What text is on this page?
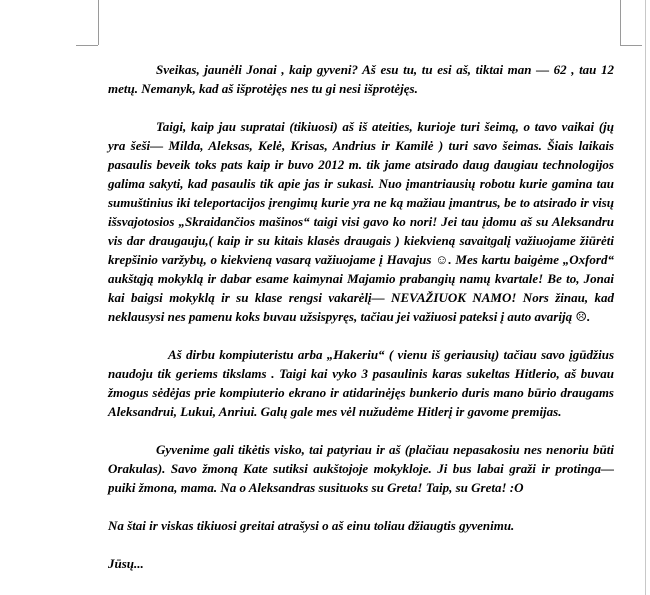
Sveikas, jaunėli Jonai , kaip gyveni? Aš esu tu, tu esi aš, tiktai man — 62 , tau 12 metų. Nemanyk, kad aš išprotėjęs nes tu gi nesi išprotėjęs.

Taigi, kaip jau supratai (tikiuosi) aš iš ateities, kurioje turi šeimą, o tavo vaikai (jų yra šeši— Milda, Aleksas, Kelė, Krisas, Andrius ir Kamilė ) turi savo šeimas. Šiais laikais pasaulis beveik toks pats kaip ir buvo 2012 m. tik jame atsirado daug daugiau technologijos galima sakyti, kad pasaulis tik apie jas ir sukasi. Nuo įmantriausių robotu kurie gamina tau sumuštinius iki teleportacijos įrengimų kurie yra ne ką mažiau įmantrus, be to atsirado ir visų išsvajotosios „Skraidančios mašinos“ taigi visi gavo ko nori! Jei tau įdomu aš su Aleksandru vis dar draugauju,( kaip ir su kitais klasės draugais ) kiekvieną savaitgalį važiuojame žiūrėti krepšinio varžybų, o kiekvieną vasarą važiuojame į Havajus ☺. Mes kartu baigėme „Oxford“ aukštąją mokyklą ir dabar esame kaimynai Majamio prabangių namų kvartale! Be to, Jonai kai baigsi mokyklą ir su klase rengsi vakarėlį— NEVAŽIUOK NAMO! Nors žinau, kad neklausysi nes pamenu koks buvau užsispyręs, tačiau jei važiuosi pateksi į auto avariją ☹.

Aš dirbu kompiuteristu arba „Hakeriu“ ( vienu iš geriausių) tačiau savo įgūdžius naudoju tik geriems tikslams . Taigi kai vyko 3 pasaulinis karas sukeltas Hitlerio, aš buvau žmogus sėdėjas prie kompiuterio ekrano ir atidarinėjęs bunkerio duris mano būrio draugams Aleksandrui, Lukui, Anriui. Galų gale mes vėl nužudėme Hitlerį ir gavome premijas.

Gyvenime gali tikėtis visko, tai patyriau ir aš (plačiau nepasakosiu nes nenoriu būti Orakulas). Savo žmoną Kate sutiksi aukštojoje mokykloje. Ji bus labai graži ir protinga— puiki žmona, mama. Na o Aleksandras susituoks su Greta! Taip, su Greta! :O

Na štai ir viskas tikiuosi greitai atrašysi o aš einu toliau džiaugtis gyvenimu.

Jūsų...
